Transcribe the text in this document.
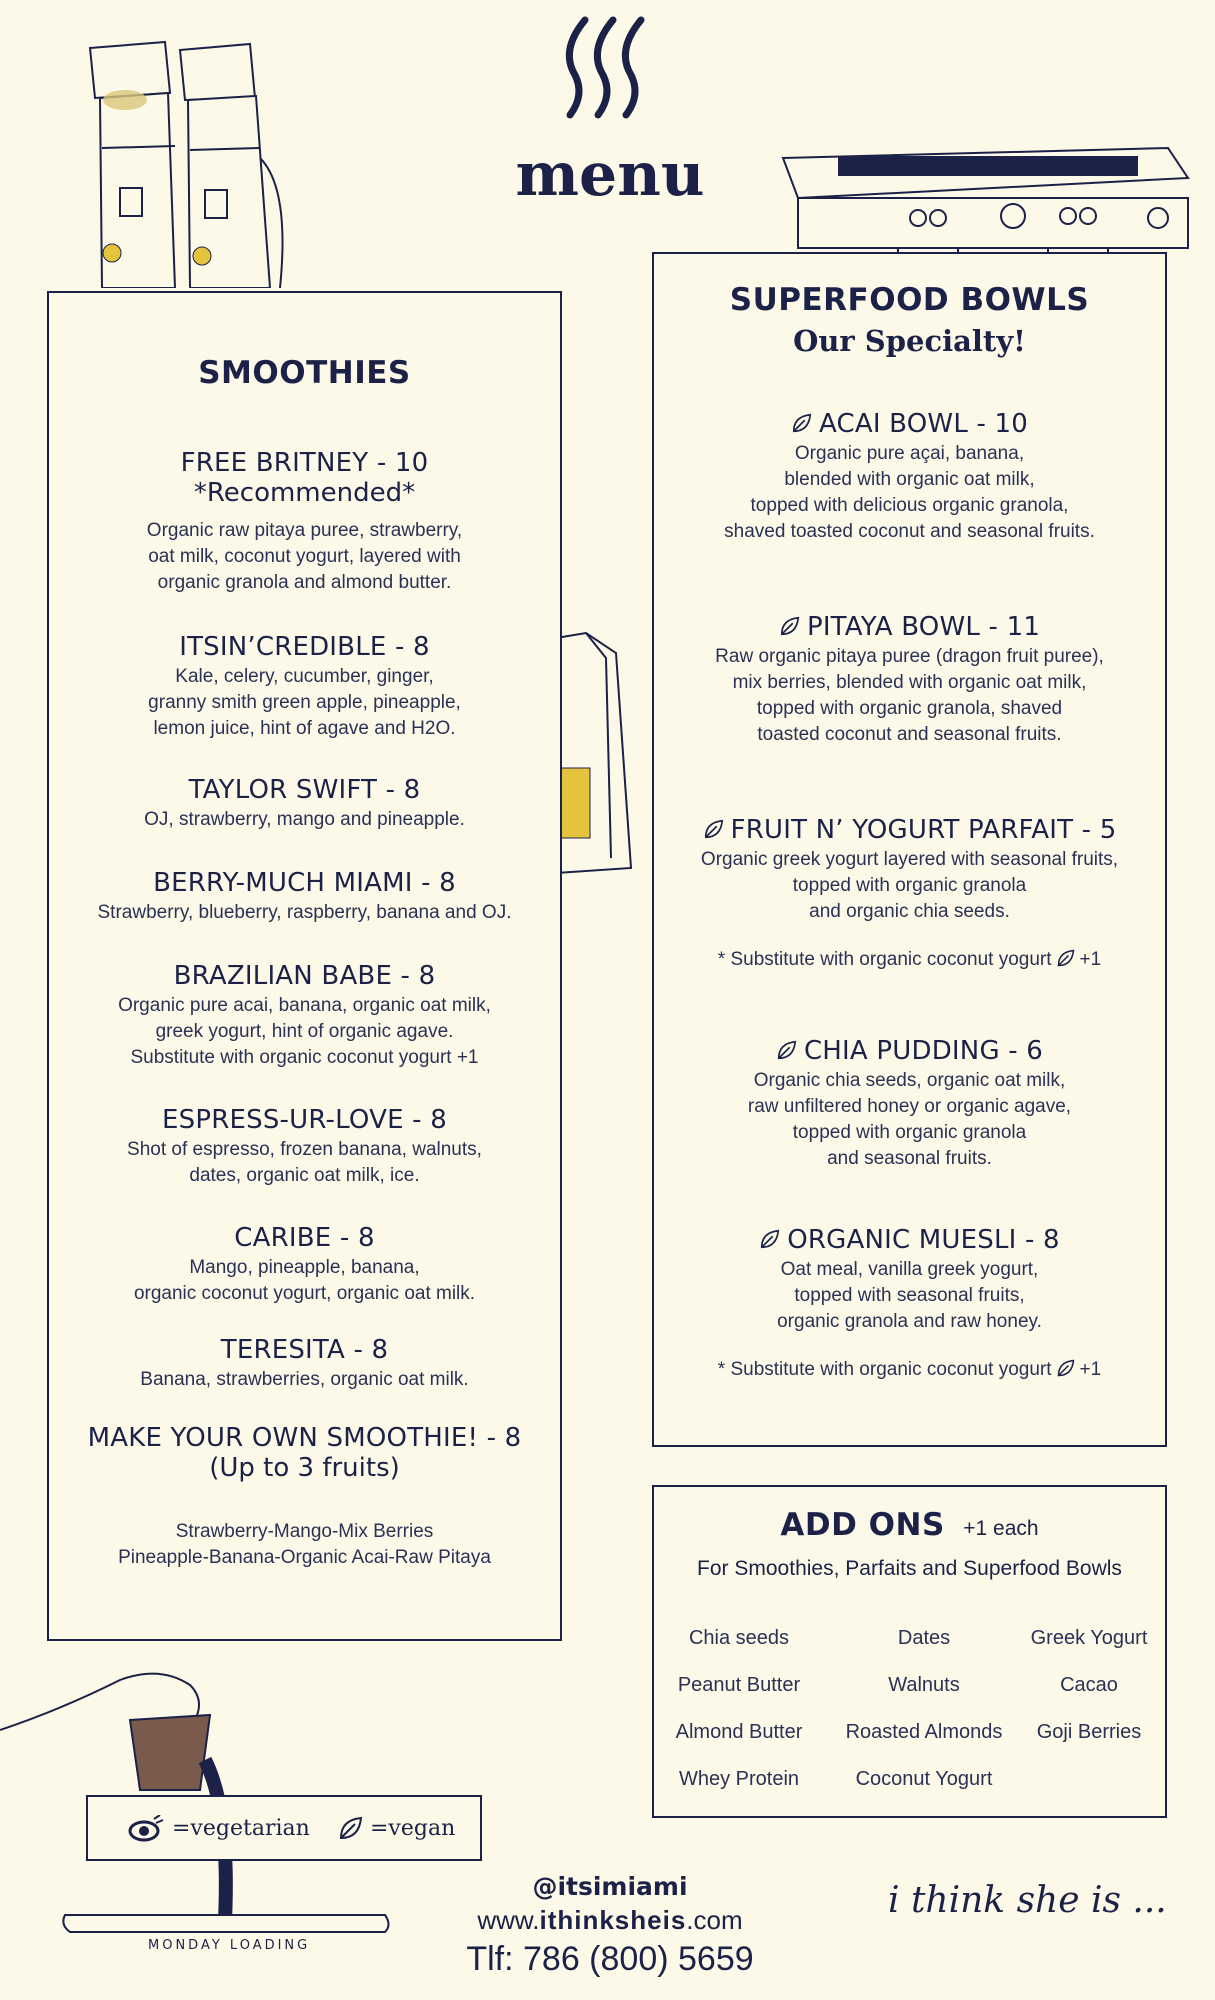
menu
MONDAY LOADING
SMOOTHIES
FREE BRITNEY - 10
*Recommended*
Organic raw pitaya puree, strawberry,
oat milk, coconut yogurt, layered with
organic granola and almond butter.
ITSIN’CREDIBLE - 8
Kale, celery, cucumber, ginger,
granny smith green apple, pineapple,
lemon juice, hint of agave and H2O.
TAYLOR SWIFT - 8
OJ, strawberry, mango and pineapple.
BERRY-MUCH MIAMI - 8
Strawberry, blueberry, raspberry, banana and OJ.
BRAZILIAN BABE - 8
Organic pure acai, banana, organic oat milk,
greek yogurt, hint of organic agave.
Substitute with organic coconut yogurt +1
ESPRESS-UR-LOVE - 8
Shot of espresso, frozen banana, walnuts,
dates, organic oat milk, ice.
CARIBE - 8
Mango, pineapple, banana,
organic coconut yogurt, organic oat milk.
TERESITA - 8
Banana, strawberries, organic oat milk.
MAKE YOUR OWN SMOOTHIE! - 8
(Up to 3 fruits)
Strawberry-Mango-Mix Berries
Pineapple-Banana-Organic Acai-Raw Pitaya
SUPERFOOD BOWLS
Our Specialty!
ACAI BOWL - 10
Organic pure açai, banana,
blended with organic oat milk,
topped with delicious organic granola,
shaved toasted coconut and seasonal fruits.
PITAYA BOWL - 11
Raw organic pitaya puree (dragon fruit puree),
mix berries, blended with organic oat milk,
topped with organic granola, shaved
toasted coconut and seasonal fruits.
FRUIT N’ YOGURT PARFAIT - 5
Organic greek yogurt layered with seasonal fruits,
topped with organic granola
and organic chia seeds.
* Substitute with organic coconut yogurt +1
CHIA PUDDING - 6
Organic chia seeds, organic oat milk,
raw unfiltered honey or organic agave,
topped with organic granola
and seasonal fruits.
ORGANIC MUESLI - 8
Oat meal, vanilla greek yogurt,
topped with seasonal fruits,
organic granola and raw honey.
* Substitute with organic coconut yogurt +1
ADD ONS +1 each
For Smoothies, Parfaits and Superfood Bowls
Chia seeds	Dates	Greek Yogurt
Peanut Butter	Walnuts	Cacao
Almond Butter	Roasted Almonds	Goji Berries
Whey Protein	Coconut Yogurt
=vegetarian	=vegan
@itsimiami
www.ithinksheis.com
Tlf: 786 (800) 5659
i think she is ...
